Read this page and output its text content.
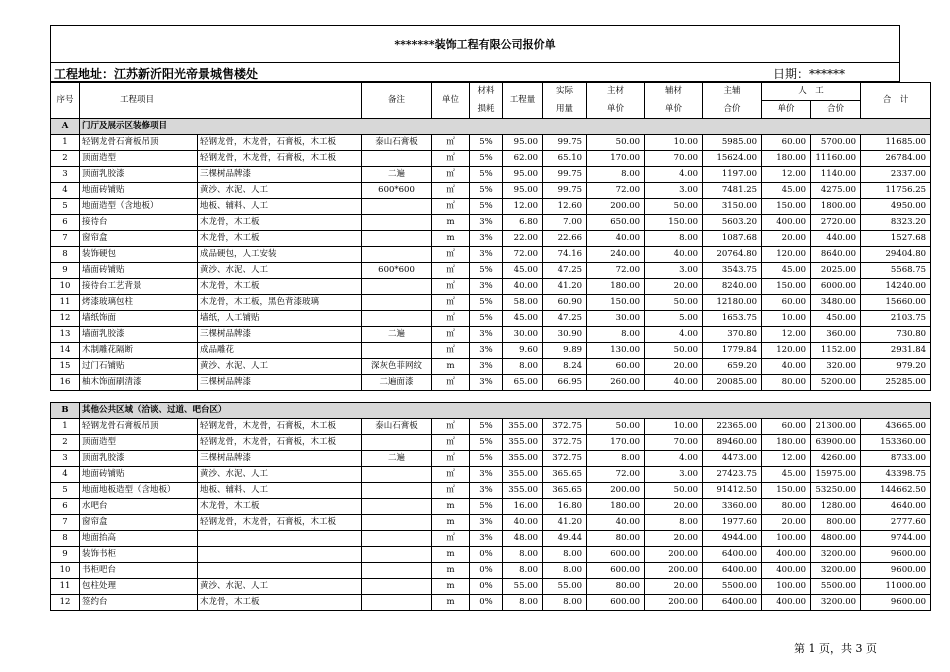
*******装饰工程有限公司报价单
工程地址：江苏新沂阳光帝景城售楼处	日期：******
序号	工程项目		备注	单位	材料	工程量	实际	主材	辅材	主辅	人　工		合　计
					损耗		用量	单价	单价	合价	单价	合价	
A	门厅及展示区装修项目												
1	轻钢龙骨石膏板吊顶	轻钢龙骨，木龙骨，石膏板，木工板	泰山石膏板	㎡	5%	95.00	99.75	50.00	10.00	5985.00	60.00	5700.00	11685.00
2	顶面造型	轻钢龙骨，木龙骨，石膏板，木工板		㎡	5%	62.00	65.10	170.00	70.00	15624.00	180.00	11160.00	26784.00
3	顶面乳胶漆	三棵树品牌漆	二遍	㎡	5%	95.00	99.75	8.00	4.00	1197.00	12.00	1140.00	2337.00
4	地面砖铺贴	黄沙、水泥、人工	600*600	㎡	5%	95.00	99.75	72.00	3.00	7481.25	45.00	4275.00	11756.25
5	地面造型（含地板）	地板、辅料、人工		㎡	5%	12.00	12.60	200.00	50.00	3150.00	150.00	1800.00	4950.00
6	接待台	木龙骨，木工板		m	3%	6.80	7.00	650.00	150.00	5603.20	400.00	2720.00	8323.20
7	窗帘盒	木龙骨，木工板		m	3%	22.00	22.66	40.00	8.00	1087.68	20.00	440.00	1527.68
8	装饰硬包	成品硬包，人工安装		㎡	3%	72.00	74.16	240.00	40.00	20764.80	120.00	8640.00	29404.80
9	墙面砖铺贴	黄沙、水泥、人工	600*600	㎡	5%	45.00	47.25	72.00	3.00	3543.75	45.00	2025.00	5568.75
10	接待台工艺背景	木龙骨，木工板		㎡	3%	40.00	41.20	180.00	20.00	8240.00	150.00	6000.00	14240.00
11	烤漆玻璃包柱	木龙骨，木工板，黑色背漆玻璃		㎡	5%	58.00	60.90	150.00	50.00	12180.00	60.00	3480.00	15660.00
12	墙纸饰面	墙纸，人工铺贴		㎡	5%	45.00	47.25	30.00	5.00	1653.75	10.00	450.00	2103.75
13	墙面乳胶漆	三棵树品牌漆	二遍	㎡	3%	30.00	30.90	8.00	4.00	370.80	12.00	360.00	730.80
14	木制雕花隔断	成品雕花		㎡	3%	9.60	9.89	130.00	50.00	1779.84	120.00	1152.00	2931.84
15	过门石铺贴	黄沙、水泥、人工	深灰色菲网纹	m	3%	8.00	8.24	60.00	20.00	659.20	40.00	320.00	979.20
16	柚木饰面刷清漆	三棵树品牌漆	二遍面漆	㎡	3%	65.00	66.95	260.00	40.00	20085.00	80.00	5200.00	25285.00

B	其他公共区域（洽谈、过道、吧台区）												
1	轻钢龙骨石膏板吊顶	轻钢龙骨，木龙骨，石膏板，木工板	泰山石膏板	㎡	5%	355.00	372.75	50.00	10.00	22365.00	60.00	21300.00	43665.00
2	顶面造型	轻钢龙骨，木龙骨，石膏板，木工板		㎡	5%	355.00	372.75	170.00	70.00	89460.00	180.00	63900.00	153360.00
3	顶面乳胶漆	三棵树品牌漆	二遍	㎡	5%	355.00	372.75	8.00	4.00	4473.00	12.00	4260.00	8733.00
4	地面砖铺贴	黄沙、水泥、人工		㎡	3%	355.00	365.65	72.00	3.00	27423.75	45.00	15975.00	43398.75
5	地面地板造型（含地板）	地板、辅料、人工		㎡	3%	355.00	365.65	200.00	50.00	91412.50	150.00	53250.00	144662.50
6	水吧台	木龙骨，木工板		m	5%	16.00	16.80	180.00	20.00	3360.00	80.00	1280.00	4640.00
7	窗帘盒	轻钢龙骨，木龙骨，石膏板，木工板		m	3%	40.00	41.20	40.00	8.00	1977.60	20.00	800.00	2777.60
8	地面抬高			㎡	3%	48.00	49.44	80.00	20.00	4944.00	100.00	4800.00	9744.00
9	装饰书柜			m	0%	8.00	8.00	600.00	200.00	6400.00	400.00	3200.00	9600.00
10	书柜吧台			m	0%	8.00	8.00	600.00	200.00	6400.00	400.00	3200.00	9600.00
11	包柱处理	黄沙、水泥、人工		m	0%	55.00	55.00	80.00	20.00	5500.00	100.00	5500.00	11000.00
12	签约台	木龙骨，木工板		m	0%	8.00	8.00	600.00	200.00	6400.00	400.00	3200.00	9600.00
第 1 页，共 3 页
